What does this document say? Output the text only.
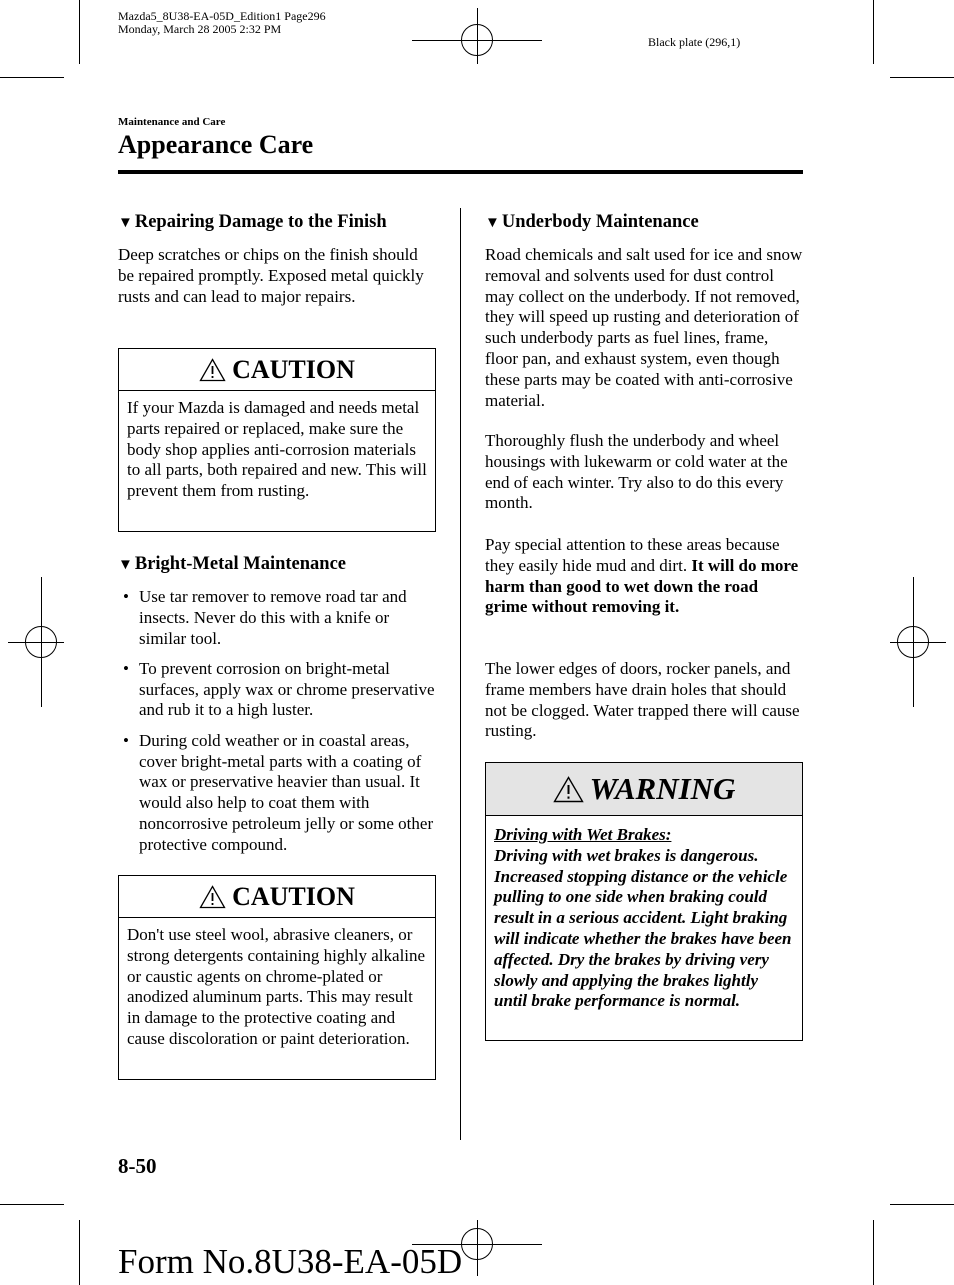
Mazda5_8U38-EA-05D_Edition1 Page296
Monday, March 28 2005 2:32 PM
Black plate (296,1)
Maintenance and Care
Appearance Care
▼ Repairing Damage to the Finish
Deep scratches or chips on the finish should be repaired promptly. Exposed metal quickly rusts and can lead to major repairs.
CAUTION
If your Mazda is damaged and needs metal parts repaired or replaced, make sure the body shop applies anti-corrosion materials to all parts, both repaired and new. This will prevent them from rusting.
▼ Bright-Metal Maintenance
• Use tar remover to remove road tar and insects. Never do this with a knife or similar tool.
• To prevent corrosion on bright-metal surfaces, apply wax or chrome preservative and rub it to a high luster.
• During cold weather or in coastal areas, cover bright-metal parts with a coating of wax or preservative heavier than usual. It would also help to coat them with noncorrosive petroleum jelly or some other protective compound.
CAUTION
Don't use steel wool, abrasive cleaners, or strong detergents containing highly alkaline or caustic agents on chrome-plated or anodized aluminum parts. This may result in damage to the protective coating and cause discoloration or paint deterioration.
▼ Underbody Maintenance
Road chemicals and salt used for ice and snow removal and solvents used for dust control may collect on the underbody. If not removed, they will speed up rusting and deterioration of such underbody parts as fuel lines, frame, floor pan, and exhaust system, even though these parts may be coated with anti-corrosive material.
Thoroughly flush the underbody and wheel housings with lukewarm or cold water at the end of each winter. Try also to do this every month.
Pay special attention to these areas because they easily hide mud and dirt. It will do more harm than good to wet down the road grime without removing it.
The lower edges of doors, rocker panels, and frame members have drain holes that should not be clogged. Water trapped there will cause rusting.
WARNING
Driving with Wet Brakes:
Driving with wet brakes is dangerous. Increased stopping distance or the vehicle pulling to one side when braking could result in a serious accident. Light braking will indicate whether the brakes have been affected. Dry the brakes by driving very slowly and applying the brakes lightly until brake performance is normal.
8-50
Form No.8U38-EA-05D
